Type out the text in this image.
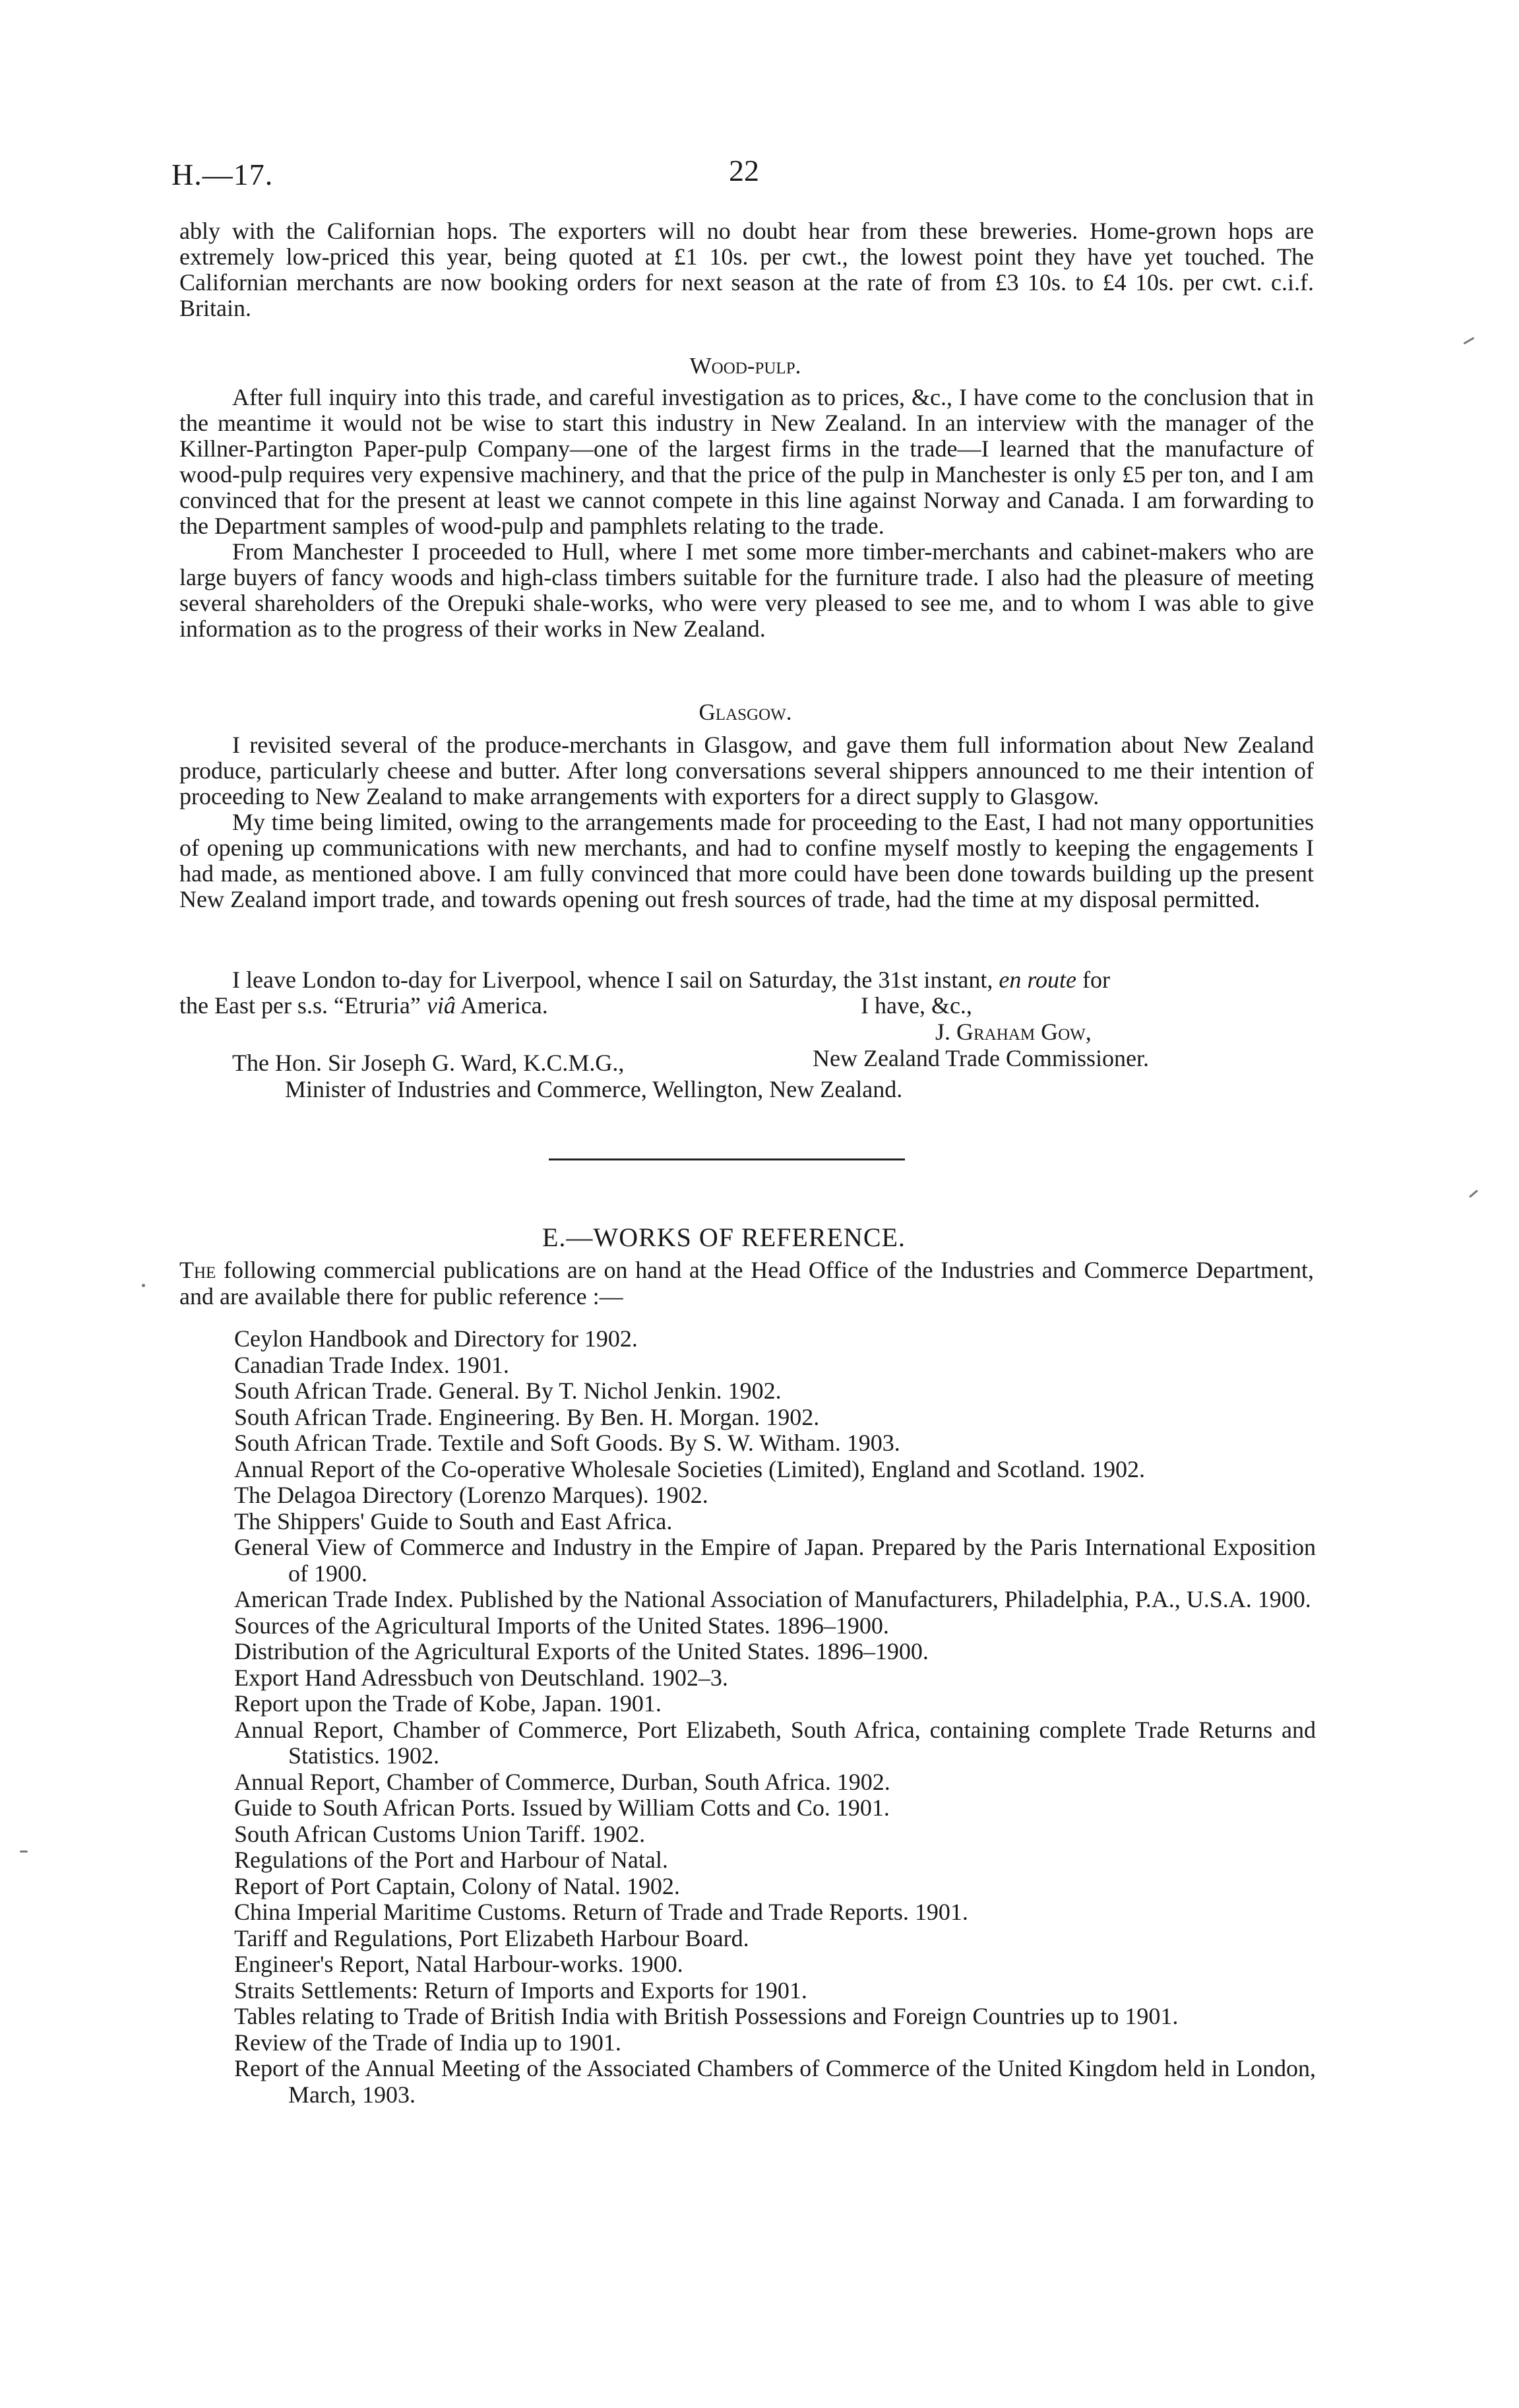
H.—17.	22

ably with the Californian hops. The exporters will no doubt hear from these breweries. Home-grown hops are extremely low-priced this year, being quoted at £1 10s. per cwt., the lowest point they have yet touched. The Californian merchants are now booking orders for next season at the rate of from £3 10s. to £4 10s. per cwt. c.i.f. Britain.

Wood-pulp.

After full inquiry into this trade, and careful investigation as to prices, &c., I have come to the conclusion that in the meantime it would not be wise to start this industry in New Zealand. In an interview with the manager of the Killner-Partington Paper-pulp Company—one of the largest firms in the trade—I learned that the manufacture of wood-pulp requires very expensive machinery, and that the price of the pulp in Manchester is only £5 per ton, and I am convinced that for the present at least we cannot compete in this line against Norway and Canada. I am forwarding to the Department samples of wood-pulp and pamphlets relating to the trade.

From Manchester I proceeded to Hull, where I met some more timber-merchants and cabinet-makers who are large buyers of fancy woods and high-class timbers suitable for the furniture trade. I also had the pleasure of meeting several shareholders of the Orepuki shale-works, who were very pleased to see me, and to whom I was able to give information as to the progress of their works in New Zealand.

Glasgow.

I revisited several of the produce-merchants in Glasgow, and gave them full information about New Zealand produce, particularly cheese and butter. After long conversations several shippers announced to me their intention of proceeding to New Zealand to make arrangements with exporters for a direct supply to Glasgow.

My time being limited, owing to the arrangements made for proceeding to the East, I had not many opportunities of opening up communications with new merchants, and had to confine myself mostly to keeping the engagements I had made, as mentioned above. I am fully convinced that more could have been done towards building up the present New Zealand import trade, and towards opening out fresh sources of trade, had the time at my disposal permitted.

I leave London to-day for Liverpool, whence I sail on Saturday, the 31st instant, en route for
the East per s.s. “Etruria” viâ America.	I have, &c.,
J. Graham Gow,
New Zealand Trade Commissioner.
The Hon. Sir Joseph G. Ward, K.C.M.G.,
Minister of Industries and Commerce, Wellington, New Zealand.
E.—WORKS OF REFERENCE.
The following commercial publications are on hand at the Head Office of the Industries and Commerce Department, and are available there for public reference :—
Ceylon Handbook and Directory for 1902.
Canadian Trade Index. 1901.
South African Trade. General. By T. Nichol Jenkin. 1902.
South African Trade. Engineering. By Ben. H. Morgan. 1902.
South African Trade. Textile and Soft Goods. By S. W. Witham. 1903.
Annual Report of the Co-operative Wholesale Societies (Limited), England and Scotland. 1902.
The Delagoa Directory (Lorenzo Marques). 1902.
The Shippers' Guide to South and East Africa.
General View of Commerce and Industry in the Empire of Japan. Prepared by the Paris International Exposition of 1900.
American Trade Index. Published by the National Association of Manufacturers, Philadelphia, P.A., U.S.A. 1900.
Sources of the Agricultural Imports of the United States. 1896–1900.
Distribution of the Agricultural Exports of the United States. 1896–1900.
Export Hand Adressbuch von Deutschland. 1902–3.
Report upon the Trade of Kobe, Japan. 1901.
Annual Report, Chamber of Commerce, Port Elizabeth, South Africa, containing complete Trade Returns and Statistics. 1902.
Annual Report, Chamber of Commerce, Durban, South Africa. 1902.
Guide to South African Ports. Issued by William Cotts and Co. 1901.
South African Customs Union Tariff. 1902.
Regulations of the Port and Harbour of Natal.
Report of Port Captain, Colony of Natal. 1902.
China Imperial Maritime Customs. Return of Trade and Trade Reports. 1901.
Tariff and Regulations, Port Elizabeth Harbour Board.
Engineer's Report, Natal Harbour-works. 1900.
Straits Settlements: Return of Imports and Exports for 1901.
Tables relating to Trade of British India with British Possessions and Foreign Countries up to 1901.
Review of the Trade of India up to 1901.
Report of the Annual Meeting of the Associated Chambers of Commerce of the United Kingdom held in London, March, 1903.
